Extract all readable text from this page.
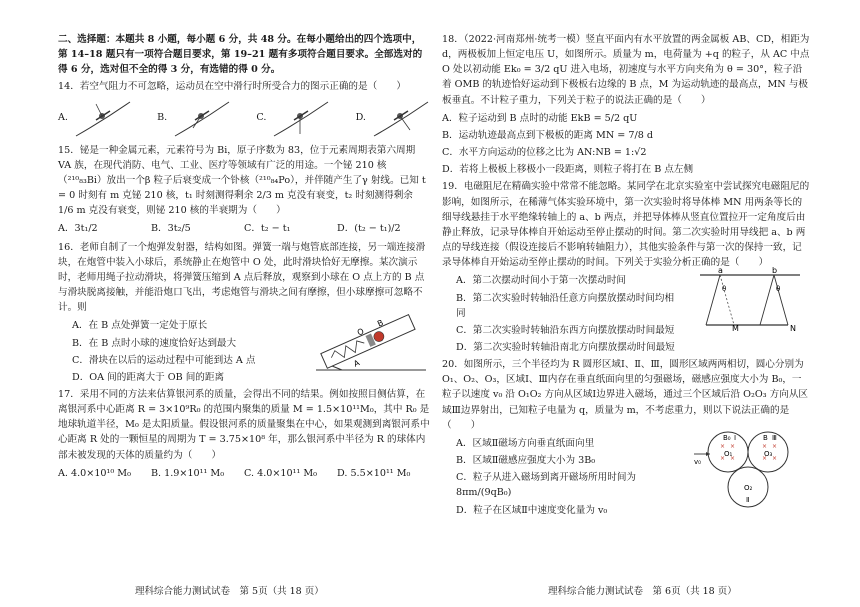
二、选择题：本题共 8 小题，每小题 6 分，共 48 分。在每小题给出的四个选项中，第 14–18 题只有一项符合题目要求，第 19–21 题有多项符合题目要求。全部选对的得 6 分，选对但不全的得 3 分，有选错的得 0 分。

14．若空气阻力不可忽略，运动员在空中滑行时所受合力的图示正确的是（　　）

A.	B.	C.	D.

15．铋是一种金属元素，元素符号为 Bi，原子序数为 83，位于元素周期表第六周期 VA 族，在现代消防、电气、工业、医疗等领域有广泛的用途。一个铋 210 核（²¹⁰₈₃Bi）放出一个β 粒子后衰变成一个钋核（²¹⁰₈₄Po），并伴随产生了γ 射线。已知 t = 0 时刻有 m 克铋 210 核，t₁ 时刻测得剩余 2/3 m 克没有衰变，t₂ 时刻测得剩余 1/6 m 克没有衰变，则铋 210 核的半衰期为（　　）

A．3t₁/2	B．3t₂/5	C．t₂ − t₁	D．(t₂ − t₁)/2

16．老师自制了一个炮弹发射器，结构如图。弹簧一端与炮管底部连接，另一端连接滑块，在炮管中装入小球后，系统静止在炮管中 O 处，此时滑块恰好无摩擦。某次演示时，老师用绳子拉动滑块，将弹簧压缩到 A 点后释放，观察到小球在 O 点上方的 B 点与滑块脱离接触，并能沿炮口飞出，考虑炮管与滑块之间有摩擦，但小球摩擦可忽略不计。则

A．在 B 点处弹簧一定处于原长

B．在 B 点时小球的速度恰好达到最大

C．滑块在以后的运动过程中可能到达 A 点

D．OA 间的距离大于 OB 间的距离

O
B
A

17．采用不同的方法来估算银河系的质量，会得出不同的结果。例如按照目侧估算，在离银河系中心距离 R = 3×10⁹R₀ 的范围内聚集的质量 M = 1.5×10¹¹M₀，其中 R₀ 是地球轨道半径，M₀ 是太阳质量。假设银河系的质量聚集在中心，如果观测到离银河系中心距离 R 处的一颗恒星的周期为 T = 3.75×10⁸ 年，那么银河系中半径为 R 的球体内部未被发现的天体的质量约为（　　）

A. 4.0×10¹⁰ M₀	B. 1.9×10¹¹ M₀	C. 4.0×10¹¹ M₀	D. 5.5×10¹¹ M₀

18．（2022·河南郑州·统考一模）竖直平面内有水平放置的两金属板 AB、CD，相距为 d，两极板加上恒定电压 U，如图所示。质量为 m，电荷量为 +q 的粒子，从 AC 中点 O 处以初动能 Ek₀ = 3/2 qU 进入电场，初速度与水平方向夹角为 θ = 30°，粒子沿着 OMB 的轨迹恰好运动到下极板右边缘的 B 点，M 为运动轨迹的最高点，MN 与极板垂直。不计粒子重力，下列关于粒子的说法正确的是（　　）

A．粒子运动到 B 点时的动能 EkB = 5/2 qU

B．运动轨迹最高点到下极板的距离 MN = 7/8 d

C．水平方向运动的位移之比为 AN:NB = 1:√2

D．若将上极板上移极小一段距离，则粒子将打在 B 点左侧

19．电磁阻尼在精确实验中常常不能忽略。某同学在北京实验室中尝试探究电磁阻尼的影响，如图所示，在稀薄气体实验环境中，第一次实验时将导体棒 MN 用两条等长的细导线悬挂于水平绝缘转轴上的 a、b 两点，并把导体棒从竖直位置拉开一定角度后由静止释放，记录导体棒自开始运动至停止摆动的时间。第二次实验时用导线把 a、b 两点的导线连接（假设连接后不影响转轴阻力），其他实验条件与第一次的保持一致，记录导体棒自开始运动至停止摆动的时间。下列关于实验分析正确的是（　　）

A．第二次摆动时间小于第一次摆动时间

B．第二次实验时转轴沿任意方向摆放摆动时间均相同

C．第二次实验时转轴沿东西方向摆放摆动时间最短

D．第二次实验时转轴沿南北方向摆放摆动时间最短

a	b
θ	θ
M	N

20．如图所示，三个半径均为 R 圆形区域Ⅰ、Ⅱ、Ⅲ，圆形区域两两相切，圆心分别为 O₁、O₂、O₃，区域Ⅰ、Ⅲ内存在垂直纸面向里的匀强磁场，磁感应强度大小为 B₀，一粒子以速度 v₀ 沿 O₁O₂ 方向从区域Ⅰ边界进入磁场，通过三个区域后沿 O₂O₃ 方向从区域Ⅲ边界射出，已知粒子电量为 q，质量为 m，不考虑重力，则以下说法正确的是（　　）

A．区域Ⅱ磁场方向垂直纸面向里

B．区域Ⅱ磁感应强度大小为 3B₀

C．粒子从进入磁场到离开磁场所用时间为 8πm/(9qB₀)

D．粒子在区域Ⅱ中速度变化量为 v₀

× ×
× ×
× ×
× ×
B₀ Ⅰ	B Ⅲ
O₁	O₃
v₀
O₂
Ⅱ
理科综合能力测试试卷　第 5页（共 18 页）	理科综合能力测试试卷　第 6页（共 18 页）
